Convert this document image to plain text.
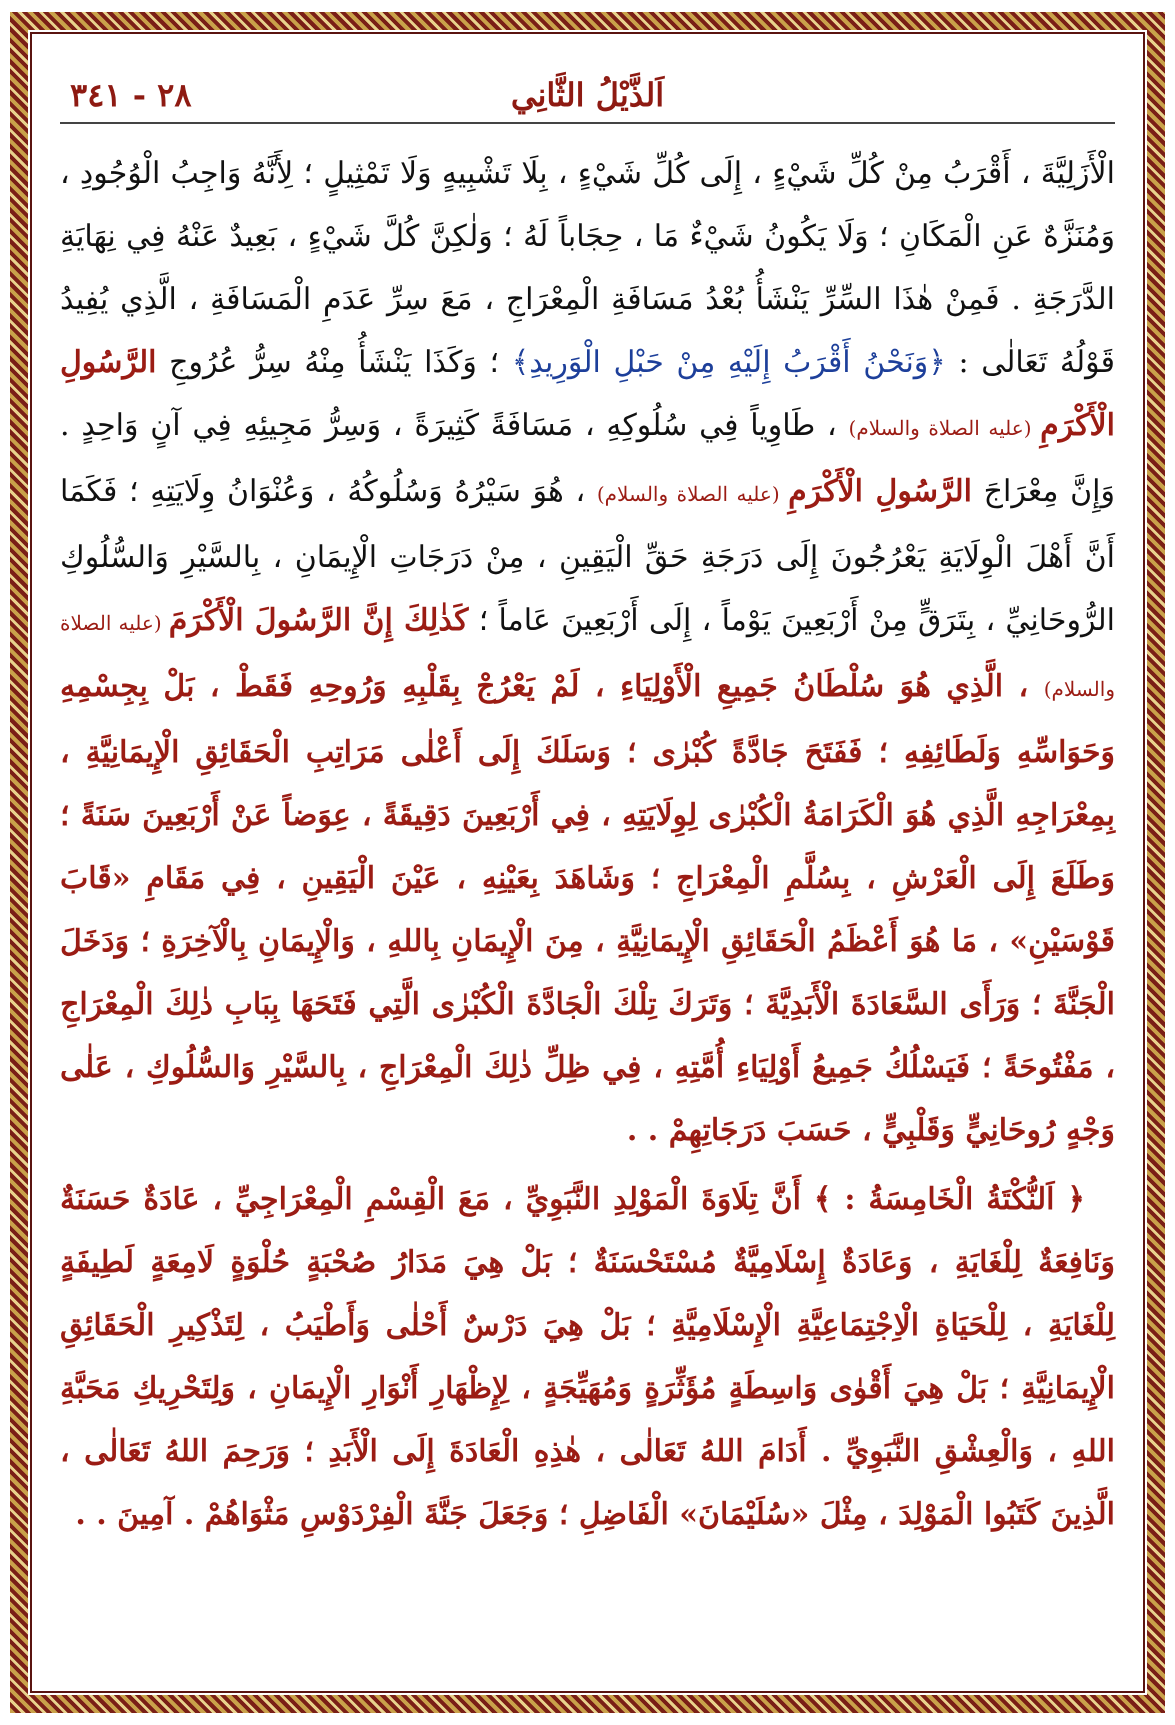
اَلذَّيْلُ الثَّانِي
٢٨ - ٣٤١

الْأَزَلِيَّةَ ، أَقْرَبُ مِنْ كُلِّ شَيْءٍ ، إِلَى كُلِّ شَيْءٍ ، بِلَا تَشْبِيهٍ وَلَا تَمْثِيلٍ ؛ لِأَنَّهُ وَاجِبُ الْوُجُودِ ، وَمُنَزَّهٌ عَنِ الْمَكَانِ ؛ وَلَا يَكُونُ شَيْءٌ مَا ، حِجَاباً لَهُ ؛ وَلٰكِنَّ كُلَّ شَيْءٍ ، بَعِيدٌ عَنْهُ فِي نِهَايَةِ الدَّرَجَةِ . فَمِنْ هٰذَا السِّرِّ يَنْشَأُ بُعْدُ مَسَافَةِ الْمِعْرَاجِ ، مَعَ سِرِّ عَدَمِ الْمَسَافَةِ ، الَّذِي يُفِيدُ قَوْلُهُ تَعَالٰى : ﴿وَنَحْنُ أَقْرَبُ إِلَيْهِ مِنْ حَبْلِ الْوَرِيدِ﴾ ؛ وَكَذَا يَنْشَأُ مِنْهُ سِرُّ عُرُوجِ الرَّسُولِ الْأَكْرَمِ (عليه الصلاة والسلام) ، طَاوِياً فِي سُلُوكِهِ ، مَسَافَةً كَثِيرَةً ، وَسِرُّ مَجِيئِهِ فِي آنٍ وَاحِدٍ . وَإِنَّ مِعْرَاجَ الرَّسُولِ الْأَكْرَمِ (عليه الصلاة والسلام) ، هُوَ سَيْرُهُ وَسُلُوكُهُ ، وَعُنْوَانُ وِلَايَتِهِ ؛ فَكَمَا أَنَّ أَهْلَ الْوِلَايَةِ يَعْرُجُونَ إِلَى دَرَجَةِ حَقِّ الْيَقِينِ ، مِنْ دَرَجَاتِ الْإِيمَانِ ، بِالسَّيْرِ وَالسُّلُوكِ الرُّوحَانِيِّ ، بِتَرَقٍّ مِنْ أَرْبَعِينَ يَوْماً ، إِلَى أَرْبَعِينَ عَاماً ؛ كَذٰلِكَ إِنَّ الرَّسُولَ الْأَكْرَمَ (عليه الصلاة والسلام) ، الَّذِي هُوَ سُلْطَانُ جَمِيعِ الْأَوْلِيَاءِ ، لَمْ يَعْرُجْ بِقَلْبِهِ وَرُوحِهِ فَقَطْ ، بَلْ بِجِسْمِهِ وَحَوَاسِّهِ وَلَطَائِفِهِ ؛ فَفَتَحَ جَادَّةً كُبْرٰى ؛ وَسَلَكَ إِلَى أَعْلٰى مَرَاتِبِ الْحَقَائِقِ الْإِيمَانِيَّةِ ، بِمِعْرَاجِهِ الَّذِي هُوَ الْكَرَامَةُ الْكُبْرٰى لِوِلَايَتِهِ ، فِي أَرْبَعِينَ دَقِيقَةً ، عِوَضاً عَنْ أَرْبَعِينَ سَنَةً ؛ وَطَلَعَ إِلَى الْعَرْشِ ، بِسُلَّمِ الْمِعْرَاجِ ؛ وَشَاهَدَ بِعَيْنِهِ ، عَيْنَ الْيَقِينِ ، فِي مَقَامِ «قَابَ قَوْسَيْنِ» ، مَا هُوَ أَعْظَمُ الْحَقَائِقِ الْإِيمَانِيَّةِ ، مِنَ الْإِيمَانِ بِاللهِ ، وَالْإِيمَانِ بِالْآخِرَةِ ؛ وَدَخَلَ الْجَنَّةَ ؛ وَرَأَى السَّعَادَةَ الْأَبَدِيَّةَ ؛ وَتَرَكَ تِلْكَ الْجَادَّةَ الْكُبْرٰى الَّتِي فَتَحَهَا بِبَابِ ذٰلِكَ الْمِعْرَاجِ ، مَفْتُوحَةً ؛ فَيَسْلُكُ جَمِيعُ أَوْلِيَاءِ أُمَّتِهِ ، فِي ظِلِّ ذٰلِكَ الْمِعْرَاجِ ، بِالسَّيْرِ وَالسُّلُوكِ ، عَلٰى وَجْهٍ رُوحَانِيٍّ وَقَلْبِيٍّ ، حَسَبَ دَرَجَاتِهِمْ . .

﴿ اَلنُّكْتَةُ الْخَامِسَةُ : ﴾ أَنَّ تِلَاوَةَ الْمَوْلِدِ النَّبَوِيِّ ، مَعَ الْقِسْمِ الْمِعْرَاجِيِّ ، عَادَةٌ حَسَنَةٌ وَنَافِعَةٌ لِلْغَايَةِ ، وَعَادَةٌ إِسْلَامِيَّةٌ مُسْتَحْسَنَةٌ ؛ بَلْ هِيَ مَدَارُ صُحْبَةٍ حُلْوَةٍ لَامِعَةٍ لَطِيفَةٍ لِلْغَايَةِ ، لِلْحَيَاةِ الْاِجْتِمَاعِيَّةِ الْإِسْلَامِيَّةِ ؛ بَلْ هِيَ دَرْسٌ أَحْلٰى وَأَطْيَبُ ، لِتَذْكِيرِ الْحَقَائِقِ الْإِيمَانِيَّةِ ؛ بَلْ هِيَ أَقْوٰى وَاسِطَةٍ مُؤَثِّرَةٍ وَمُهَيِّجَةٍ ، لِإِظْهَارِ أَنْوَارِ الْإِيمَانِ ، وَلِتَحْرِيكِ مَحَبَّةِ اللهِ ، وَالْعِشْقِ النَّبَوِيِّ . أَدَامَ اللهُ تَعَالٰى ، هٰذِهِ الْعَادَةَ إِلَى الْأَبَدِ ؛ وَرَحِمَ اللهُ تَعَالٰى ، الَّذِينَ كَتَبُوا الْمَوْلِدَ ، مِثْلَ «سُلَيْمَانَ» الْفَاضِلِ ؛ وَجَعَلَ جَنَّةَ الْفِرْدَوْسِ مَثْوَاهُمْ . آمِينَ . .
